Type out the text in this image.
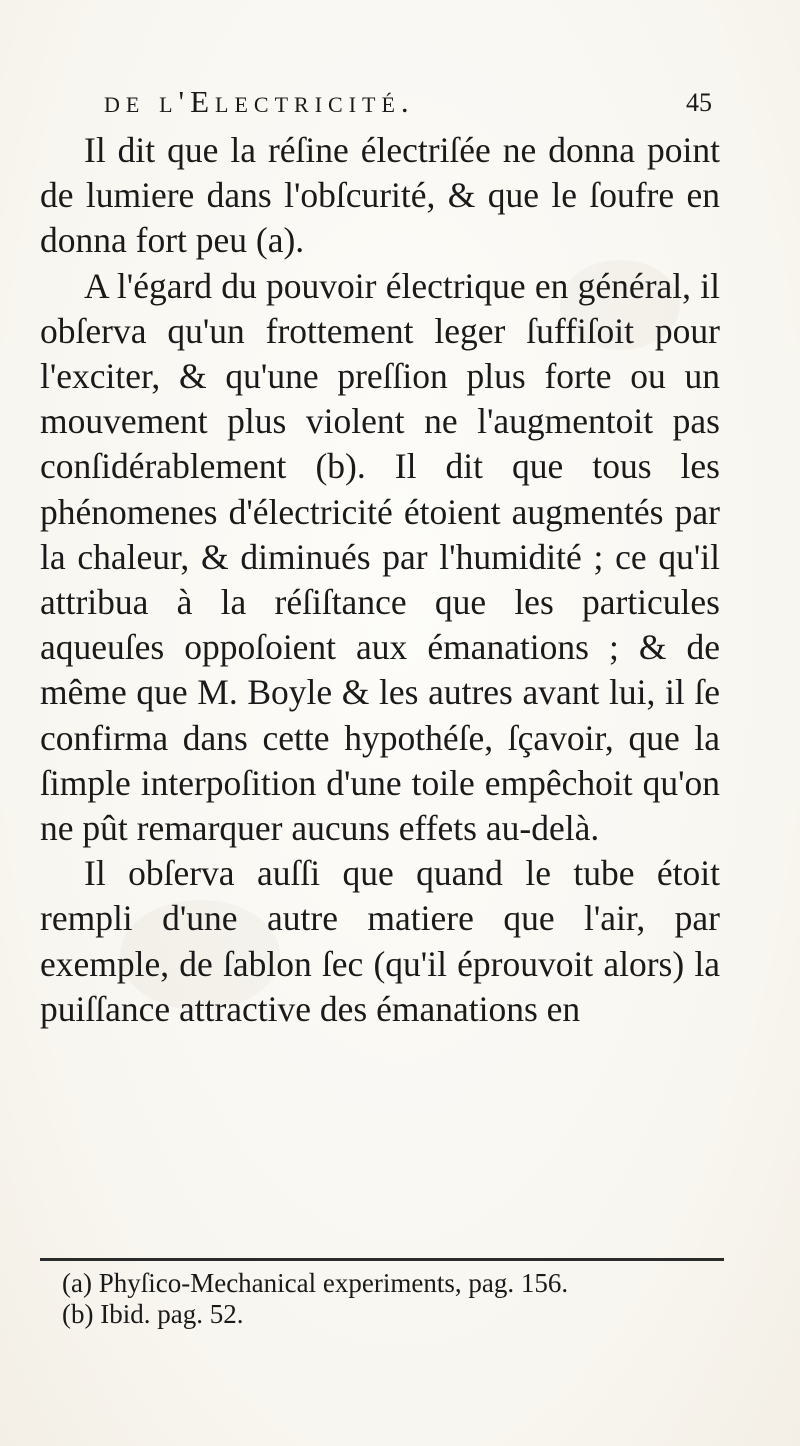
de l'Electricité.	45

Il dit que la réſine électriſée ne donna point de lumiere dans l'obſcurité, & que le ſoufre en donna fort peu (a).

A l'égard du pouvoir électrique en général, il obſerva qu'un frottement leger ſuffiſoit pour l'exciter, & qu'une preſſion plus forte ou un mouvement plus violent ne l'augmentoit pas conſidérablement (b). Il dit que tous les phénomenes d'électricité étoient augmentés par la chaleur, & diminués par l'humidité ; ce qu'il attribua à la réſiſtance que les particules aqueuſes oppoſoient aux émanations ; & de même que M. Boyle & les autres avant lui, il ſe confirma dans cette hypothéſe, ſçavoir, que la ſimple interpoſition d'une toile empêchoit qu'on ne pût remarquer aucuns effets au-delà.

Il obſerva auſſi que quand le tube étoit rempli d'une autre matiere que l'air, par exemple, de ſablon ſec (qu'il éprouvoit alors) la puiſſance attractive des émanations en

(a) Phyſico-Mechanical experiments, pag. 156.

(b) Ibid. pag. 52.
